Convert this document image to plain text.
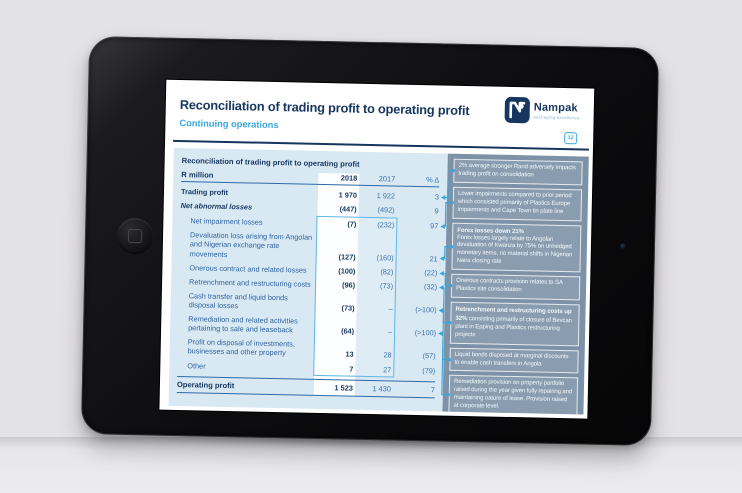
Reconciliation of trading profit to operating profit
Continuing operations
Nampak
packaging excellence
12
Reconciliation of trading profit to operating profit
R million	2018	2017	% Δ
Trading profit	1 970	1 922	3
Net abnormal losses	(447)	(492)	9
Net impairment losses	(7)	(232)	97
Devaluation loss arising from Angolan and Nigerian exchange rate movements	(127)	(160)	21
Onerous contract and related losses	(100)	(82)	(22)
Retrenchment and restructuring costs	(96)	(73)	(32)
Cash transfer and liquid bonds disposal losses	(73)	–	(>100)
Remediation and related activities pertaining to sale and leaseback	(64)	–	(>100)
Profit on disposal of investments, businesses and other property	13	28	(57)
Other	7	27	(79)
Operating profit	1 523	1 430	7
2% average stronger Rand adversely impacts trading profit on consolidation
Lower impairments compared to prior period which consisted primarily of Plastics Europe impairments and Cape Town tin plate line
Forex losses down 21%
Forex losses largely relate to Angolan devaluation of Kwanza by 75% on unhedged monetary items, no material shifts in Nigerian Naira closing rate
Onerous contracts provision relates to SA Plastics site consolidation
Retrenchment and restructuring costs up 32% consisting primarily of closure of Bevcan plant in Epping and Plastics restructuring projects
Liquid bonds disposed at marginal discounts to enable cash transfers in Angola
Remediation provision on property portfolio raised during the year given fully repairing and maintaining nature of lease. Provision raised at corporate level.
